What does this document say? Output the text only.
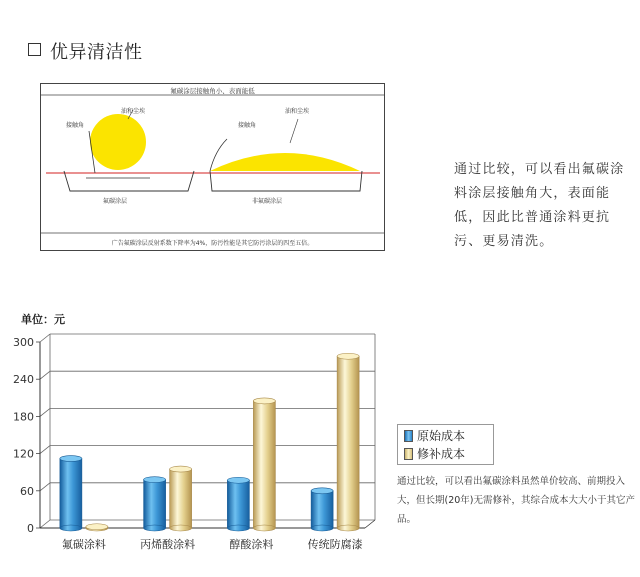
优异清洁性
氟碳涂层接触角小、表面能低
油和尘埃
接触角
氟碳涂层
油和尘埃
接触角
非氟碳涂层
广告氟碳涂层反射系数下降率为4%，防污性能是其它防污涂层的四至五倍。
通过比较，可以看出氟碳涂料涂层接触角大，表面能低，因此比普通涂料更抗污、更易清洗。
单位：元
0
60
120
180
240
300
氟碳涂料	丙烯酸涂料	醇酸涂料	传统防腐漆
原始成本
修补成本
通过比较，可以看出氟碳涂料虽然单价较高、前期投入大，但长期(20年)无需修补，其综合成本大大小于其它产品。
